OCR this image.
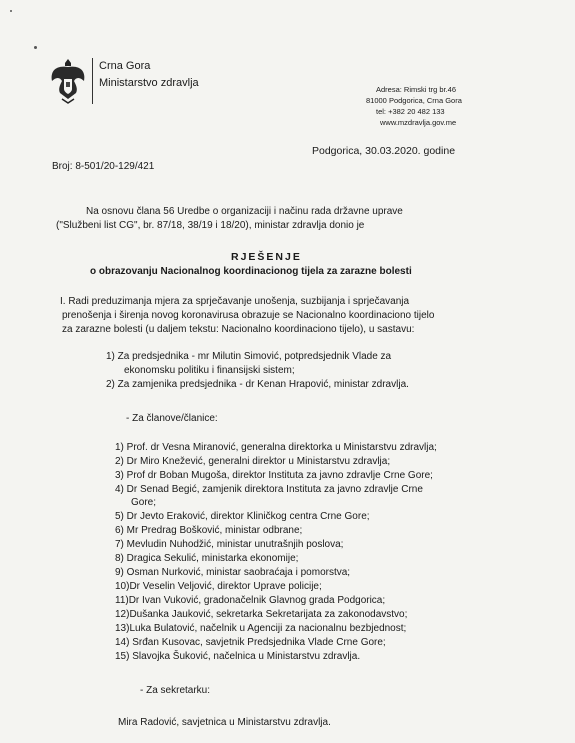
Crna Gora
Ministarstvo zdravlja
Adresa: Rimski trg br.46
81000 Podgorica, Crna Gora
tel: +382 20 482 133
www.mzdravlja.gov.me
Podgorica, 30.03.2020. godine
Broj: 8-501/20-129/421
Na osnovu člana 56 Uredbe o organizaciji i načinu rada državne uprave
("Službeni list CG", br. 87/18, 38/19 i 18/20), ministar zdravlja donio je
RJEŠENJE
o obrazovanju Nacionalnog koordinacionog tijela za zarazne bolesti
I. Radi preduzimanja mjera za sprječavanje unošenja, suzbijanja i sprječavanja
prenošenja i širenja novog koronavirusa obrazuje se Nacionalno koordinaciono tijelo
za zarazne bolesti (u daljem tekstu: Nacionalno koordinaciono tijelo), u sastavu:
1) Za predsjednika - mr Milutin Simović, potpredsjednik Vlade za
ekonomsku politiku i finansijski sistem;
2) Za zamjenika predsjednika - dr Kenan Hrapović, ministar zdravlja.
- Za članove/članice:
1) Prof. dr Vesna Miranović, generalna direktorka u Ministarstvu zdravlja;
2) Dr Miro Knežević, generalni direktor u Ministarstvu zdravlja;
3) Prof dr Boban Mugoša, direktor Instituta za javno zdravlje Crne Gore;
4) Dr Senad Begić, zamjenik direktora Instituta za javno zdravlje Crne
Gore;
5) Dr Jevto Eraković, direktor Kliničkog centra Crne Gore;
6) Mr Predrag Bošković, ministar odbrane;
7) Mevludin Nuhodžić, ministar unutrašnjih poslova;
8) Dragica Sekulić, ministarka ekonomije;
9) Osman Nurković, ministar saobraćaja i pomorstva;
10)Dr Veselin Veljović, direktor Uprave policije;
11)Dr Ivan Vuković, gradonačelnik Glavnog grada Podgorica;
12)Dušanka Jauković, sekretarka Sekretarijata za zakonodavstvo;
13)Luka Bulatović, načelnik u Agenciji za nacionalnu bezbjednost;
14) Srđan Kusovac, savjetnik Predsjednika Vlade Crne Gore;
15) Slavojka Šuković, načelnica u Ministarstvu zdravlja.
- Za sekretarku:
Mira Radović, savjetnica u Ministarstvu zdravlja.
